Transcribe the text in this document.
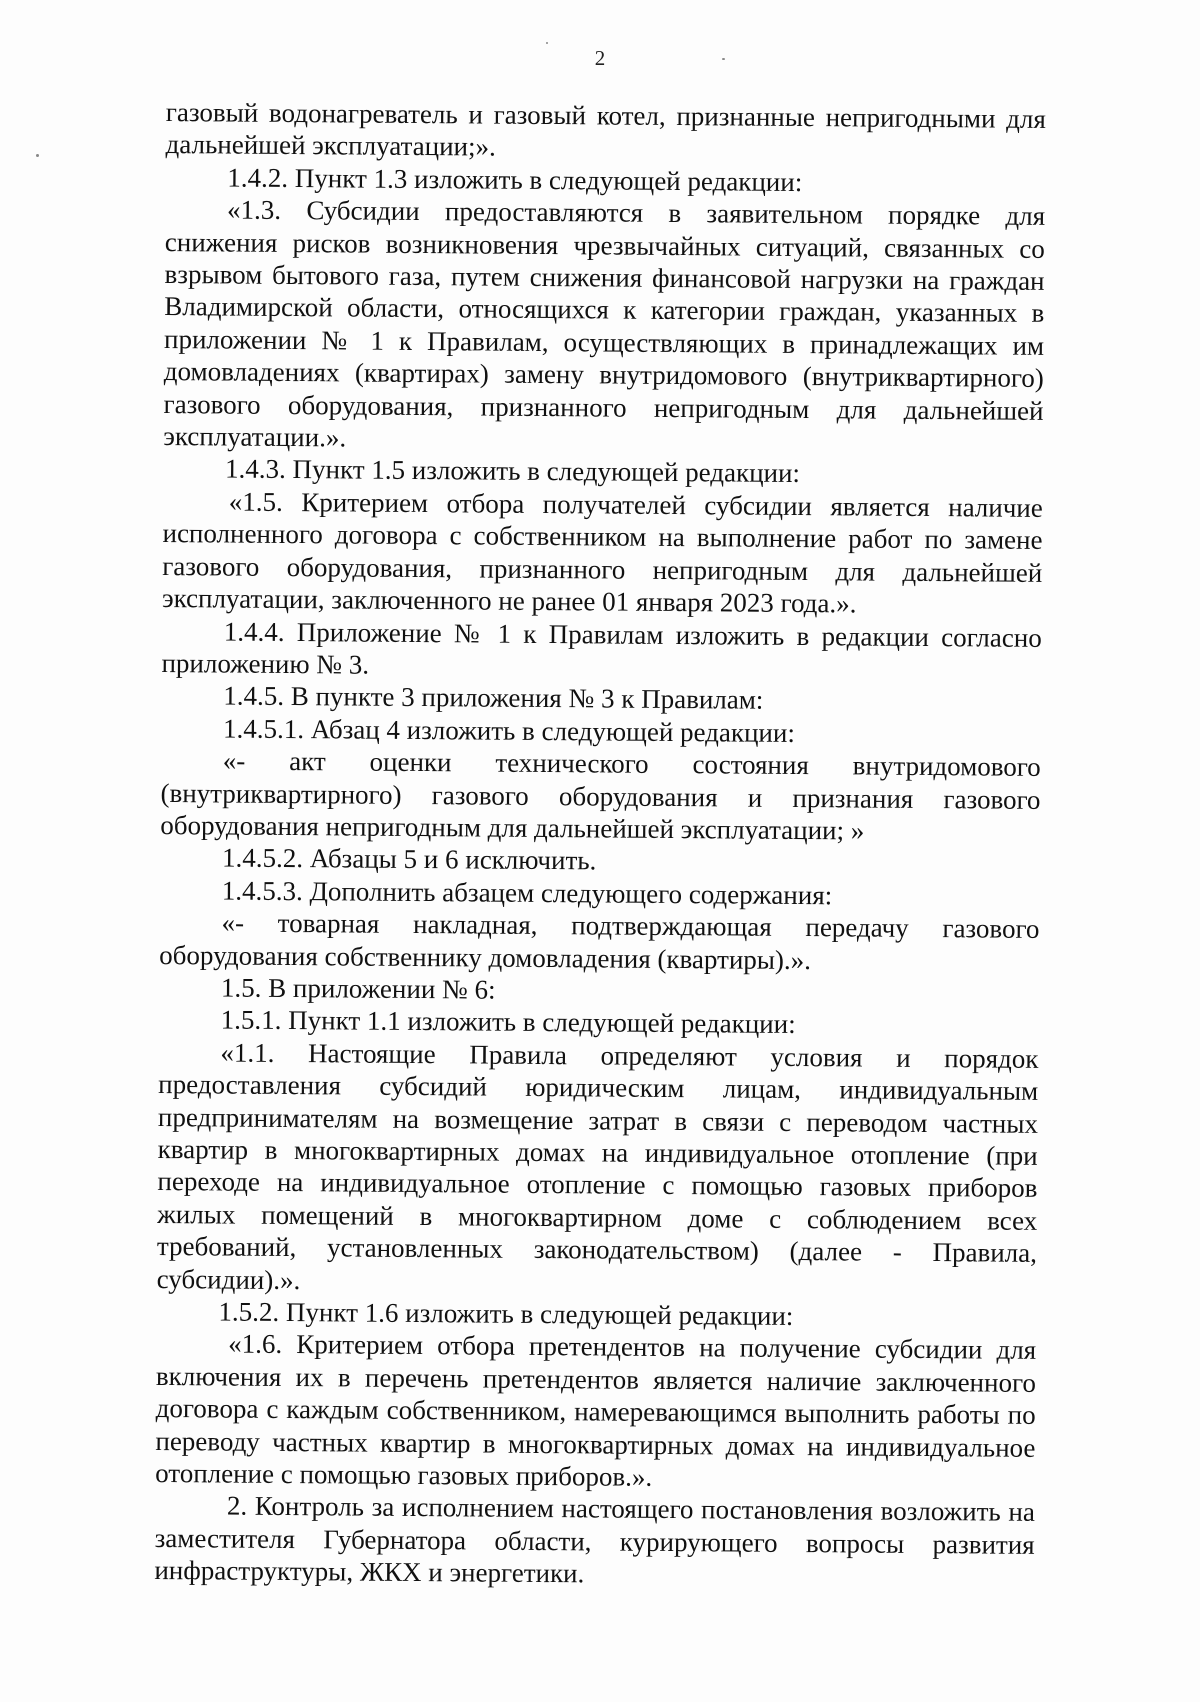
2

газовый водонагреватель и газовый котел, признанные непригодными для дальнейшей эксплуатации;».

1.4.2. Пункт 1.3 изложить в следующей редакции:

«1.3. Субсидии предоставляются в заявительном порядке для снижения рисков возникновения чрезвычайных ситуаций, связанных со взрывом бытового газа, путем снижения финансовой нагрузки на граждан Владимирской области, относящихся к категории граждан, указанных в приложении № 1 к Правилам, осуществляющих в принадлежащих им домовладениях (квартирах) замену внутридомового (внутриквартирного) газового оборудования, признанного непригодным для дальнейшей эксплуатации.».

1.4.3. Пункт 1.5 изложить в следующей редакции:

«1.5. Критерием отбора получателей субсидии является наличие исполненного договора с собственником на выполнение работ по замене газового оборудования, признанного непригодным для дальнейшей эксплуатации, заключенного не ранее 01 января 2023 года.».

1.4.4. Приложение № 1 к Правилам изложить в редакции согласно приложению № 3.

1.4.5. В пункте 3 приложения № 3 к Правилам:

1.4.5.1. Абзац 4 изложить в следующей редакции:

«- акт оценки технического состояния внутридомового (внутриквартирного) газового оборудования и признания газового оборудования непригодным для дальнейшей эксплуатации; »

1.4.5.2. Абзацы 5 и 6 исключить.

1.4.5.3. Дополнить абзацем следующего содержания:

«- товарная накладная, подтверждающая передачу газового оборудования собственнику домовладения (квартиры).».

1.5. В приложении № 6:

1.5.1. Пункт 1.1 изложить в следующей редакции:

«1.1. Настоящие Правила определяют условия и порядок предоставления субсидий юридическим лицам, индивидуальным предпринимателям на возмещение затрат в связи с переводом частных квартир в многоквартирных домах на индивидуальное отопление (при переходе на индивидуальное отопление с помощью газовых приборов жилых помещений в многоквартирном доме с соблюдением всех требований, установленных законодательством) (далее - Правила, субсидии).».

1.5.2. Пункт 1.6 изложить в следующей редакции:

«1.6. Критерием отбора претендентов на получение субсидии для включения их в перечень претендентов является наличие заключенного договора с каждым собственником, намеревающимся выполнить работы по переводу частных квартир в многоквартирных домах на индивидуальное отопление с помощью газовых приборов.».

2. Контроль за исполнением настоящего постановления возложить на заместителя Губернатора области, курирующего вопросы развития инфраструктуры, ЖКХ и энергетики.
